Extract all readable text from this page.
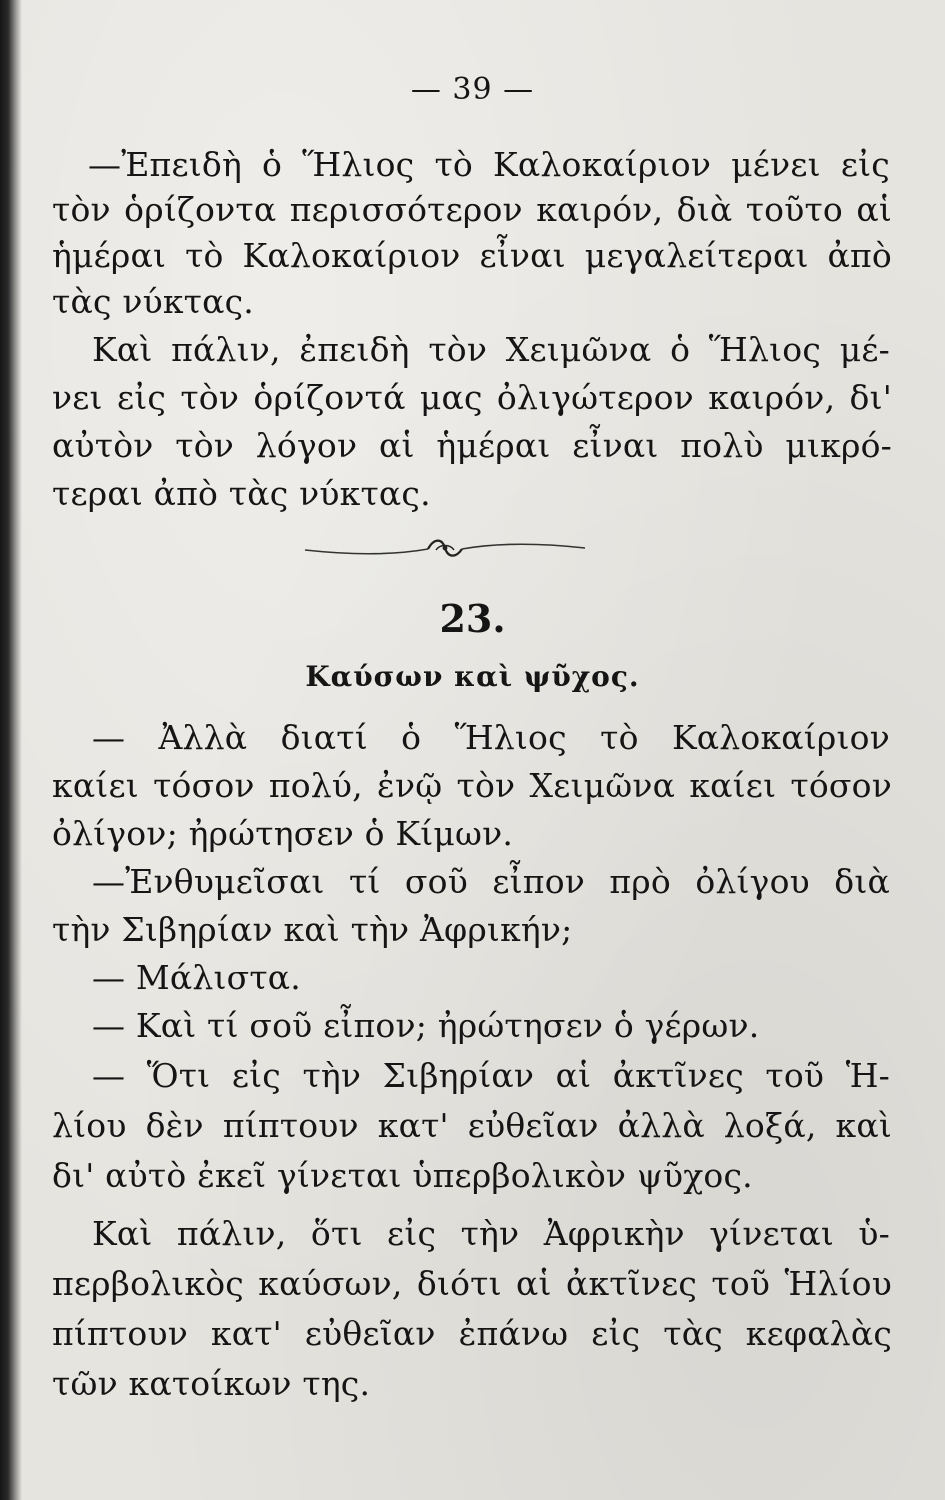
— 39 —
—Ἐπειδὴ ὁ Ἥλιος τὸ Καλοκαίριον μένει εἰς
τὸν ὁρίζοντα περισσότερον καιρόν, διὰ τοῦτο αἱ
ἡμέραι τὸ Καλοκαίριον εἶναι μεγαλείτεραι ἀπὸ
τὰς νύκτας.
Καὶ πάλιν, ἐπειδὴ τὸν Χειμῶνα ὁ Ἥλιος μέ-
νει εἰς τὸν ὁρίζοντά μας ὀλιγώτερον καιρόν, δι'
αὐτὸν τὸν λόγον αἱ ἡμέραι εἶναι πολὺ μικρό-
τεραι ἀπὸ τὰς νύκτας.
23.
Καύσων καὶ ψῦχος.
— Ἀλλὰ διατί ὁ Ἥλιος τὸ Καλοκαίριον
καίει τόσον πολύ, ἐνῷ τὸν Χειμῶνα καίει τόσον
ὀλίγον; ἠρώτησεν ὁ Κίμων.
—Ἐνθυμεῖσαι τί σοῦ εἶπον πρὸ ὀλίγου διὰ
τὴν Σιβηρίαν καὶ τὴν Ἀφρικήν;
— Μάλιστα.
— Καὶ τί σοῦ εἶπον; ἠρώτησεν ὁ γέρων.
— Ὅτι εἰς τὴν Σιβηρίαν αἱ ἀκτῖνες τοῦ Ἡ-
λίου δὲν πίπτουν κατ' εὐθεῖαν ἀλλὰ λοξά, καὶ
δι' αὐτὸ ἐκεῖ γίνεται ὑπερβολικὸν ψῦχος.
Καὶ πάλιν, ὅτι εἰς τὴν Ἀφρικὴν γίνεται ὑ-
περβολικὸς καύσων, διότι αἱ ἀκτῖνες τοῦ Ἡλίου
πίπτουν κατ' εὐθεῖαν ἐπάνω εἰς τὰς κεφαλὰς
τῶν κατοίκων της.
